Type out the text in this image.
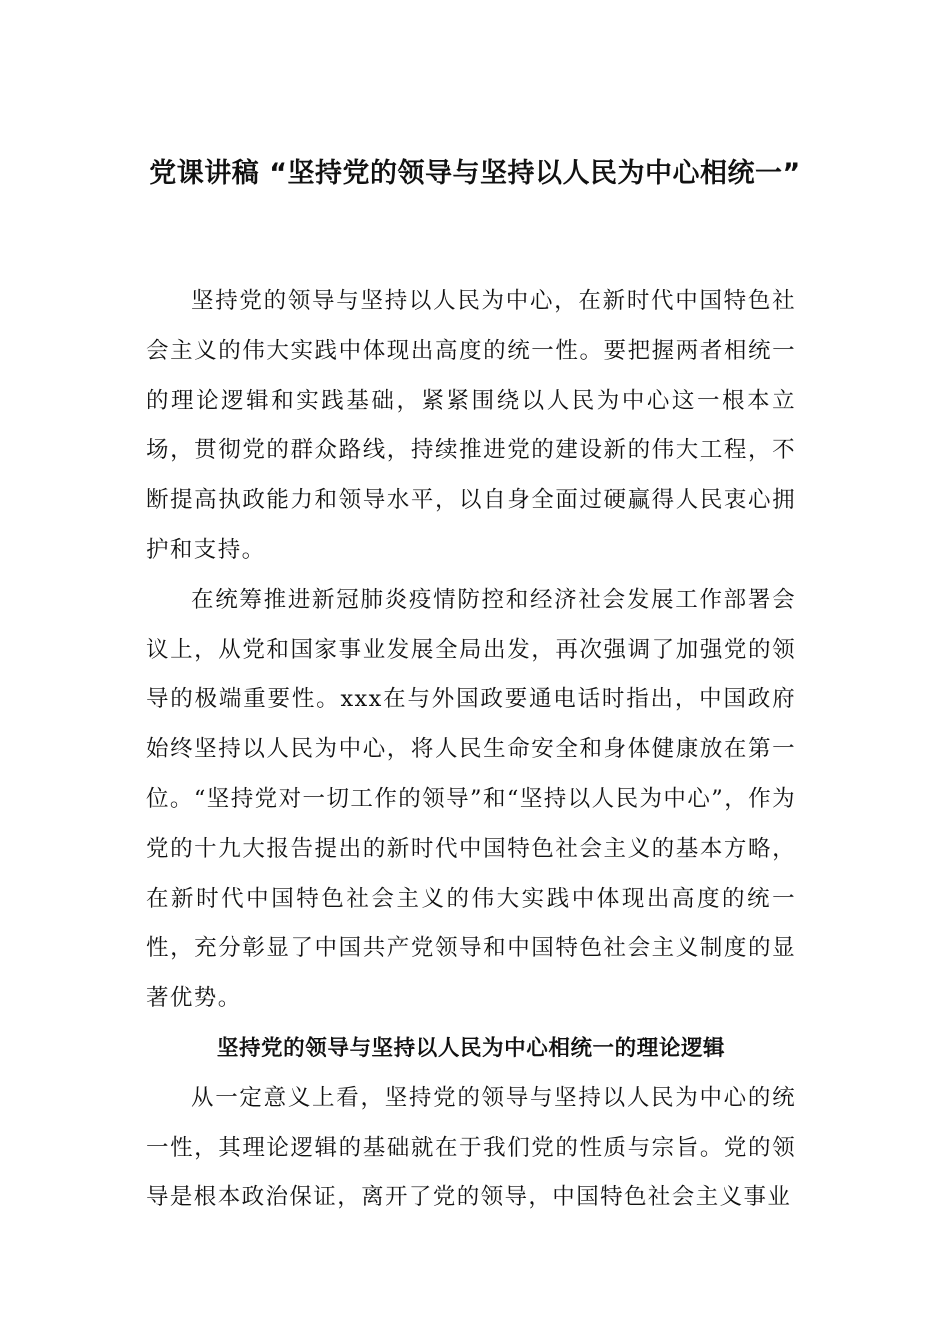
党课讲稿 “坚持党的领导与坚持以人民为中心相统一”

坚持党的领导与坚持以人民为中心，在新时代中国特色社会主义的伟大实践中体现出高度的统一性。要把握两者相统一的理论逻辑和实践基础，紧紧围绕以人民为中心这一根本立场，贯彻党的群众路线，持续推进党的建设新的伟大工程，不断提高执政能力和领导水平，以自身全面过硬赢得人民衷心拥护和支持。

在统筹推进新冠肺炎疫情防控和经济社会发展工作部署会议上，从党和国家事业发展全局出发，再次强调了加强党的领导的极端重要性。xxx在与外国政要通电话时指出，中国政府始终坚持以人民为中心，将人民生命安全和身体健康放在第一位。“坚持党对一切工作的领导”和“坚持以人民为中心”，作为党的十九大报告提出的新时代中国特色社会主义的基本方略，在新时代中国特色社会主义的伟大实践中体现出高度的统一性，充分彰显了中国共产党领导和中国特色社会主义制度的显著优势。

坚持党的领导与坚持以人民为中心相统一的理论逻辑

从一定意义上看，坚持党的领导与坚持以人民为中心的统一性，其理论逻辑的基础就在于我们党的性质与宗旨。党的领导是根本政治保证，离开了党的领导，中国特色社会主义事业
